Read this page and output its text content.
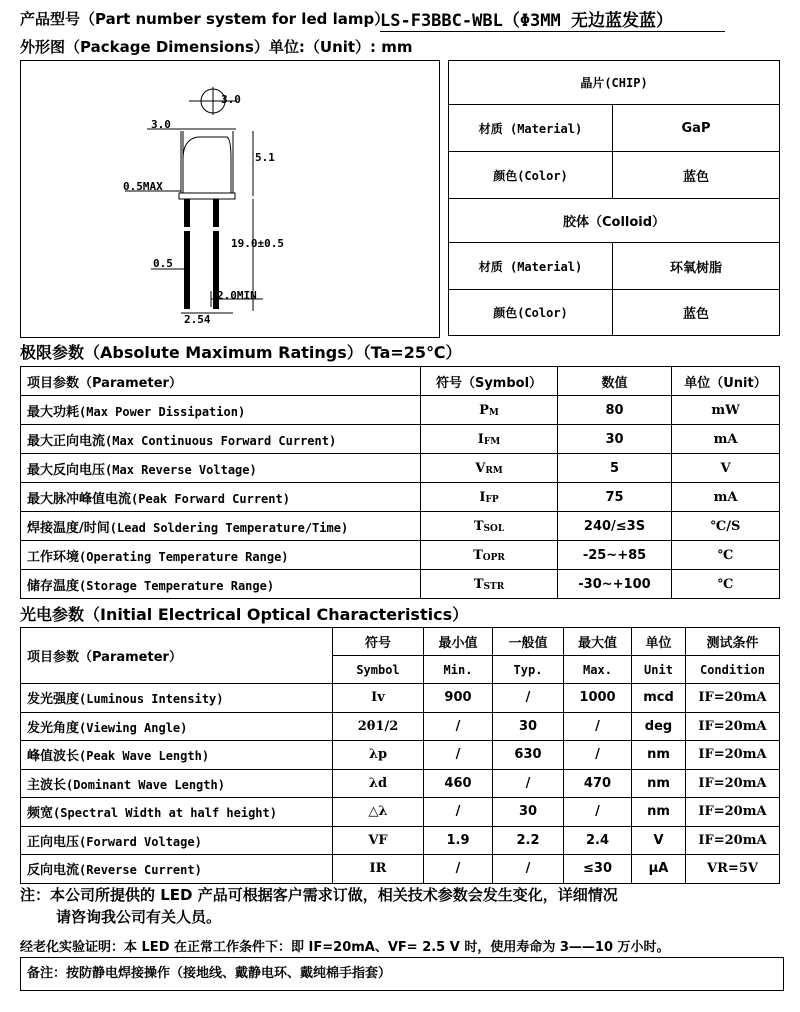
产品型号（Part number system for led lamp）
LS-F3BBC-WBL（Φ3MM 无边蓝发蓝）
外形图（Package Dimensions）单位:（Unit）: mm
3.0
3.0
5.1
0.5MAX
19.0±0.5
0.5
2.0MIN
2.54
晶片(CHIP)	
材质 (Material)	GaP
颜色(Color)	蓝色
胶体（Colloid）	
材质 (Material)	环氧树脂
颜色(Color)	蓝色
极限参数（Absolute Maximum Ratings）（Ta=25℃）
项目参数（Parameter）	符号（Symbol）	数值	单位（Unit）
最大功耗(Max Power Dissipation)	$P_M$	80	mW
最大正向电流(Max Continuous Forward Current)	$I_{FM}$	30	mA
最大反向电压(Max Reverse Voltage)	$V_{RM}$	5	V
最大脉冲峰值电流(Peak Forward Current)	$I_{FP}$	75	mA
焊接温度/时间(Lead Soldering Temperature/Time)	$T_{SOL}$	240/≤3S	℃/S
工作环境(Operating Temperature Range)	$T_{OPR}$	-25~+85	℃
储存温度(Storage Temperature Range)	$T_{STR}$	-30~+100	℃
光电参数（Initial Electrical Optical Characteristics）
项目参数（Parameter）	符号	最小值	一般值	最大值	单位	测试条件
	Symbol	Min.	Typ.	Max.	Unit	Condition
发光强度(Luminous Intensity)	Iv	900	/	1000	mcd	IF=20mA
发光角度(Viewing Angle)	2θ1/2	/	30	/	deg	IF=20mA
峰值波长(Peak Wave Length)	λp	/	630	/	nm	IF=20mA
主波长(Dominant Wave Length)	λd	460	/	470	nm	IF=20mA
频宽(Spectral Width at half height)	△λ	/	30	/	nm	IF=20mA
正向电压(Forward Voltage)	VF	1.9	2.2	2.4	V	IF=20mA
反向电流(Reverse Current)	IR	/	/	≤30	μA	VR=5V
注：本公司所提供的 LED 产品可根据客户需求订做，相关技术参数会发生变化，详细情况
请咨询我公司有关人员。
经老化实验证明：本 LED 在正常工作条件下：即 IF=20mA、VF= 2.5 V 时，使用寿命为 3——10 万小时。
备注：按防静电焊接操作（接地线、戴静电环、戴纯棉手指套）
